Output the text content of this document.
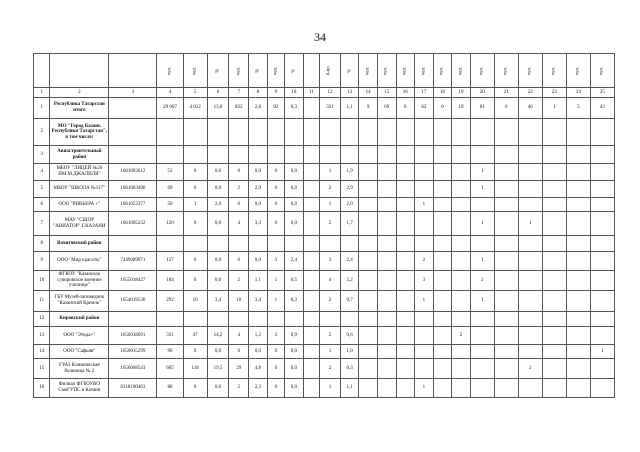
34
			чел.	чел.	%	чел.	%	чел.	%		б-во	%	чел.	чел.	чел.	чел.	чел.	чел.	чел.	чел.	чел.	чел.	чел.	чел.
1	2	3	4	5	6	7	8	9	10	11	12	13	14	15	16	17	18	19	20	21	22	23	24	25
1	Республика Татарстан итого		29 007	4 012	13,8	822	2,8	82	0,3		321	1,1	9	69	6	62	0	19	61	0	46	1	5	43
2	МО "Город Казань Республики Татарстан", в том числе:																							
3	Авиастроительный район																							
4	МБОУ "ЛИЦЕЙ №26 ИМ.М.ДЖАЛИЛЯ"	1661003612	52	0	0,0	0	0,0	0	0,0		1	1,9							1					
5	МБОУ "ШКОЛА №117"	1661003490	69	0	0,0	2	2,9	0	0,0		2	2,9							1					
6	ООО "РИВЬЕРА +"	1661052377	50	1	2,0	0	0,0	0	0,0		1	2,0				1								
7	МАУ "СШОР "АВИАТОР" Г.КАЗАНИ	1661005232	120	0	0,0	4	3,3	0	0,0		2	1,7							1		1			
8	Вахитовский район																							
9	ООО "Мир красоты"	7449089071	127	0	0,0	0	0,0	3	2,4		3	2,4				2			1					
10	ФГКОУ "Казанское суворовское военное училище"	1655018427	184	0	0,0	2	1,1	1	0,5		4	2,2				3			2					
11	ГБУ Музей-заповедник "Казанский Кремль"	1654019530	292	10	3,4	10	3,4	1	0,3		2	0,7				1			1					
12	Кировский район																							
13	ООО "Этида+"	1656018691	331	47	14,2	4	1,2	3	0,9		2	0,6						2						
14	ООО "Сафьян"	1656015299	96	0	0,0	0	0,0	0	0,0		1	1,0												1
15	ГУАЗ Клиническая больница № 2	1656008541	605	118	19,5	29	4,8	0	0,0		2	0,3									2			
16	Филиал ФГБОУВО СамГУПС в Казани	6318100463	88	0	0,0	2	2,3	0	0,0		1	1,1				1								
